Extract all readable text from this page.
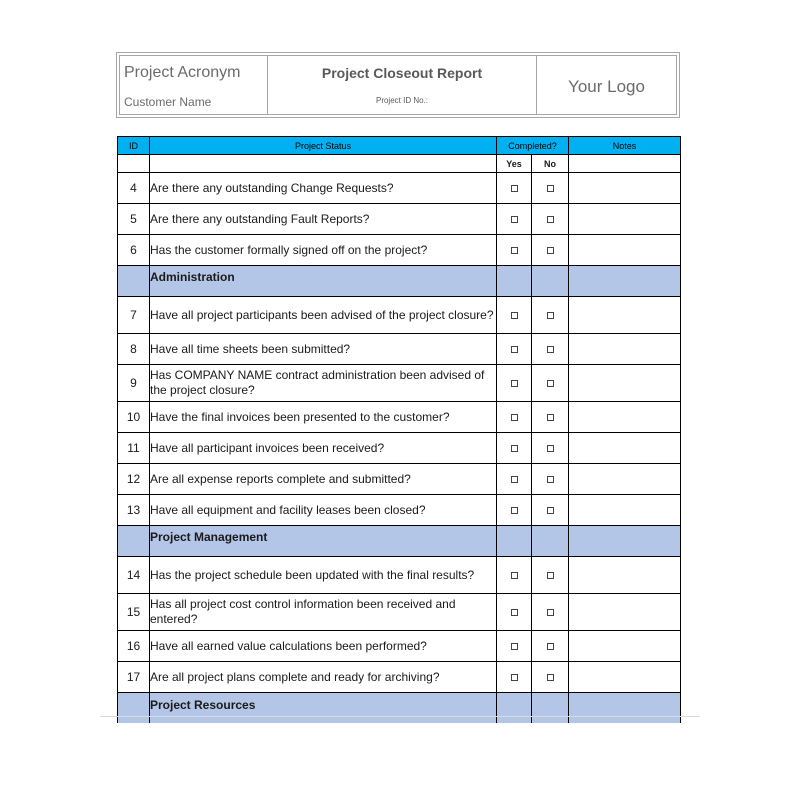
Project Acronym
Customer Name
Project Closeout Report
Project ID No.:
Your Logo
ID	Project Status	Completed?		Notes
		Yes	No	
4	Are there any outstanding Change Requests?			
5	Are there any outstanding Fault Reports?			
6	Has the customer formally signed off on the project?			
	Administration			
7	Have all project participants been advised of the project closure?			
8	Have all time sheets been submitted?			
9	Has COMPANY NAME contract administration been advised of the project closure?			
10	Have the final invoices been presented to the customer?			
11	Have all participant invoices been received?			
12	Are all expense reports complete and submitted?			
13	Have all equipment and facility leases been closed?			
	Project Management			
14	Has the project schedule been updated with the final results?			
15	Has all project cost control information been received and entered?			
16	Have all earned value calculations been performed?			
17	Are all project plans complete and ready for archiving?			
	Project Resources			
